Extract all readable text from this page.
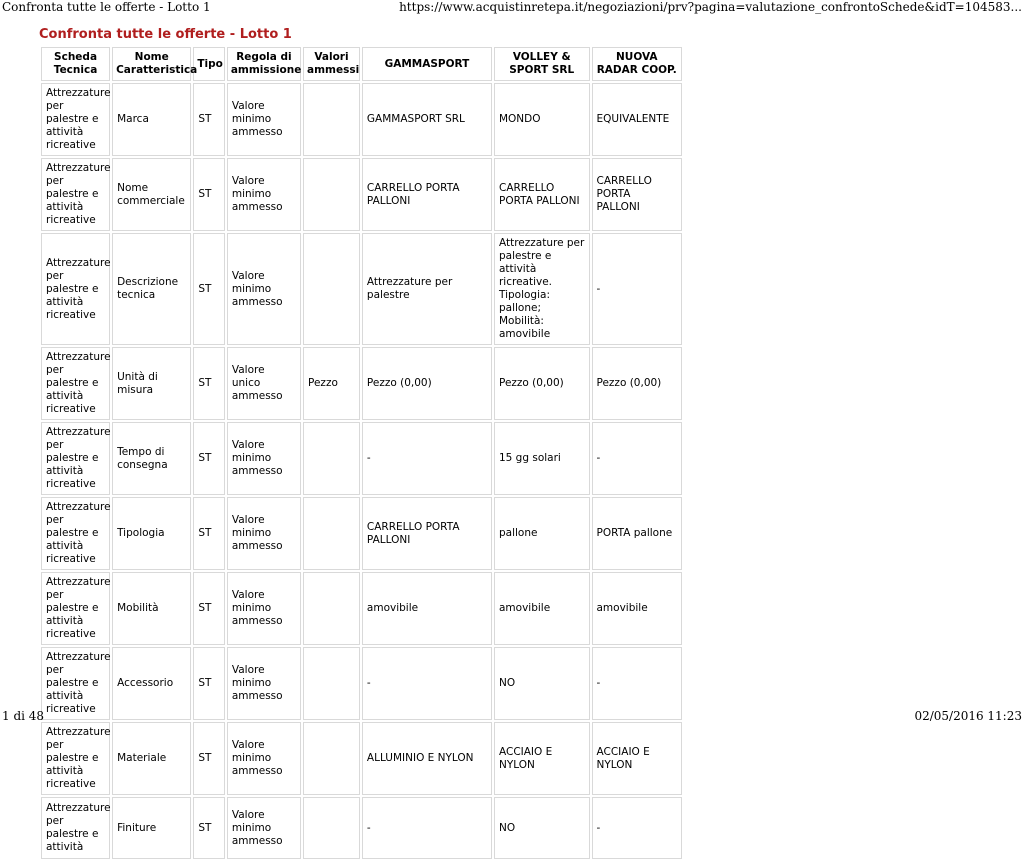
Confronta tutte le offerte - Lotto 1	https://www.acquistinretepa.it/negoziazioni/prv?pagina=valutazione_confrontoSchede&idT=104583...
Confronta tutte le offerte - Lotto 1
Scheda Tecnica	Nome Caratteristica	Tipo	Regola di ammissione	Valori ammessi	GAMMASPORT	VOLLEY & SPORT SRL	NUOVA RADAR COOP.
Attrezzature per palestre e attività ricreative	Marca	ST	Valore minimo ammesso		GAMMASPORT SRL	MONDO	EQUIVALENTE
Attrezzature per palestre e attività ricreative	Nome commerciale	ST	Valore minimo ammesso		CARRELLO PORTA PALLONI	CARRELLO PORTA PALLONI	CARRELLO PORTA PALLONI
Attrezzature per palestre e attività ricreative	Descrizione tecnica	ST	Valore minimo ammesso		Attrezzature per palestre	Attrezzature per palestre e attività ricreative. Tipologia: pallone; Mobilità: amovibile	-
Attrezzature per palestre e attività ricreative	Unità di misura	ST	Valore unico ammesso	Pezzo	Pezzo (0,00)	Pezzo (0,00)	Pezzo (0,00)
Attrezzature per palestre e attività ricreative	Tempo di consegna	ST	Valore minimo ammesso		-	15 gg solari	-
Attrezzature per palestre e attività ricreative	Tipologia	ST	Valore minimo ammesso		CARRELLO PORTA PALLONI	pallone	PORTA pallone
Attrezzature per palestre e attività ricreative	Mobilità	ST	Valore minimo ammesso		amovibile	amovibile	amovibile
Attrezzature per palestre e attività ricreative	Accessorio	ST	Valore minimo ammesso		-	NO	-
Attrezzature per palestre e attività ricreative	Materiale	ST	Valore minimo ammesso		ALLUMINIO E NYLON	ACCIAIO E NYLON	ACCIAIO E NYLON
Attrezzature per palestre e attività	Finiture	ST	Valore minimo ammesso		-	NO	-
1 di 48	02/05/2016 11:23
